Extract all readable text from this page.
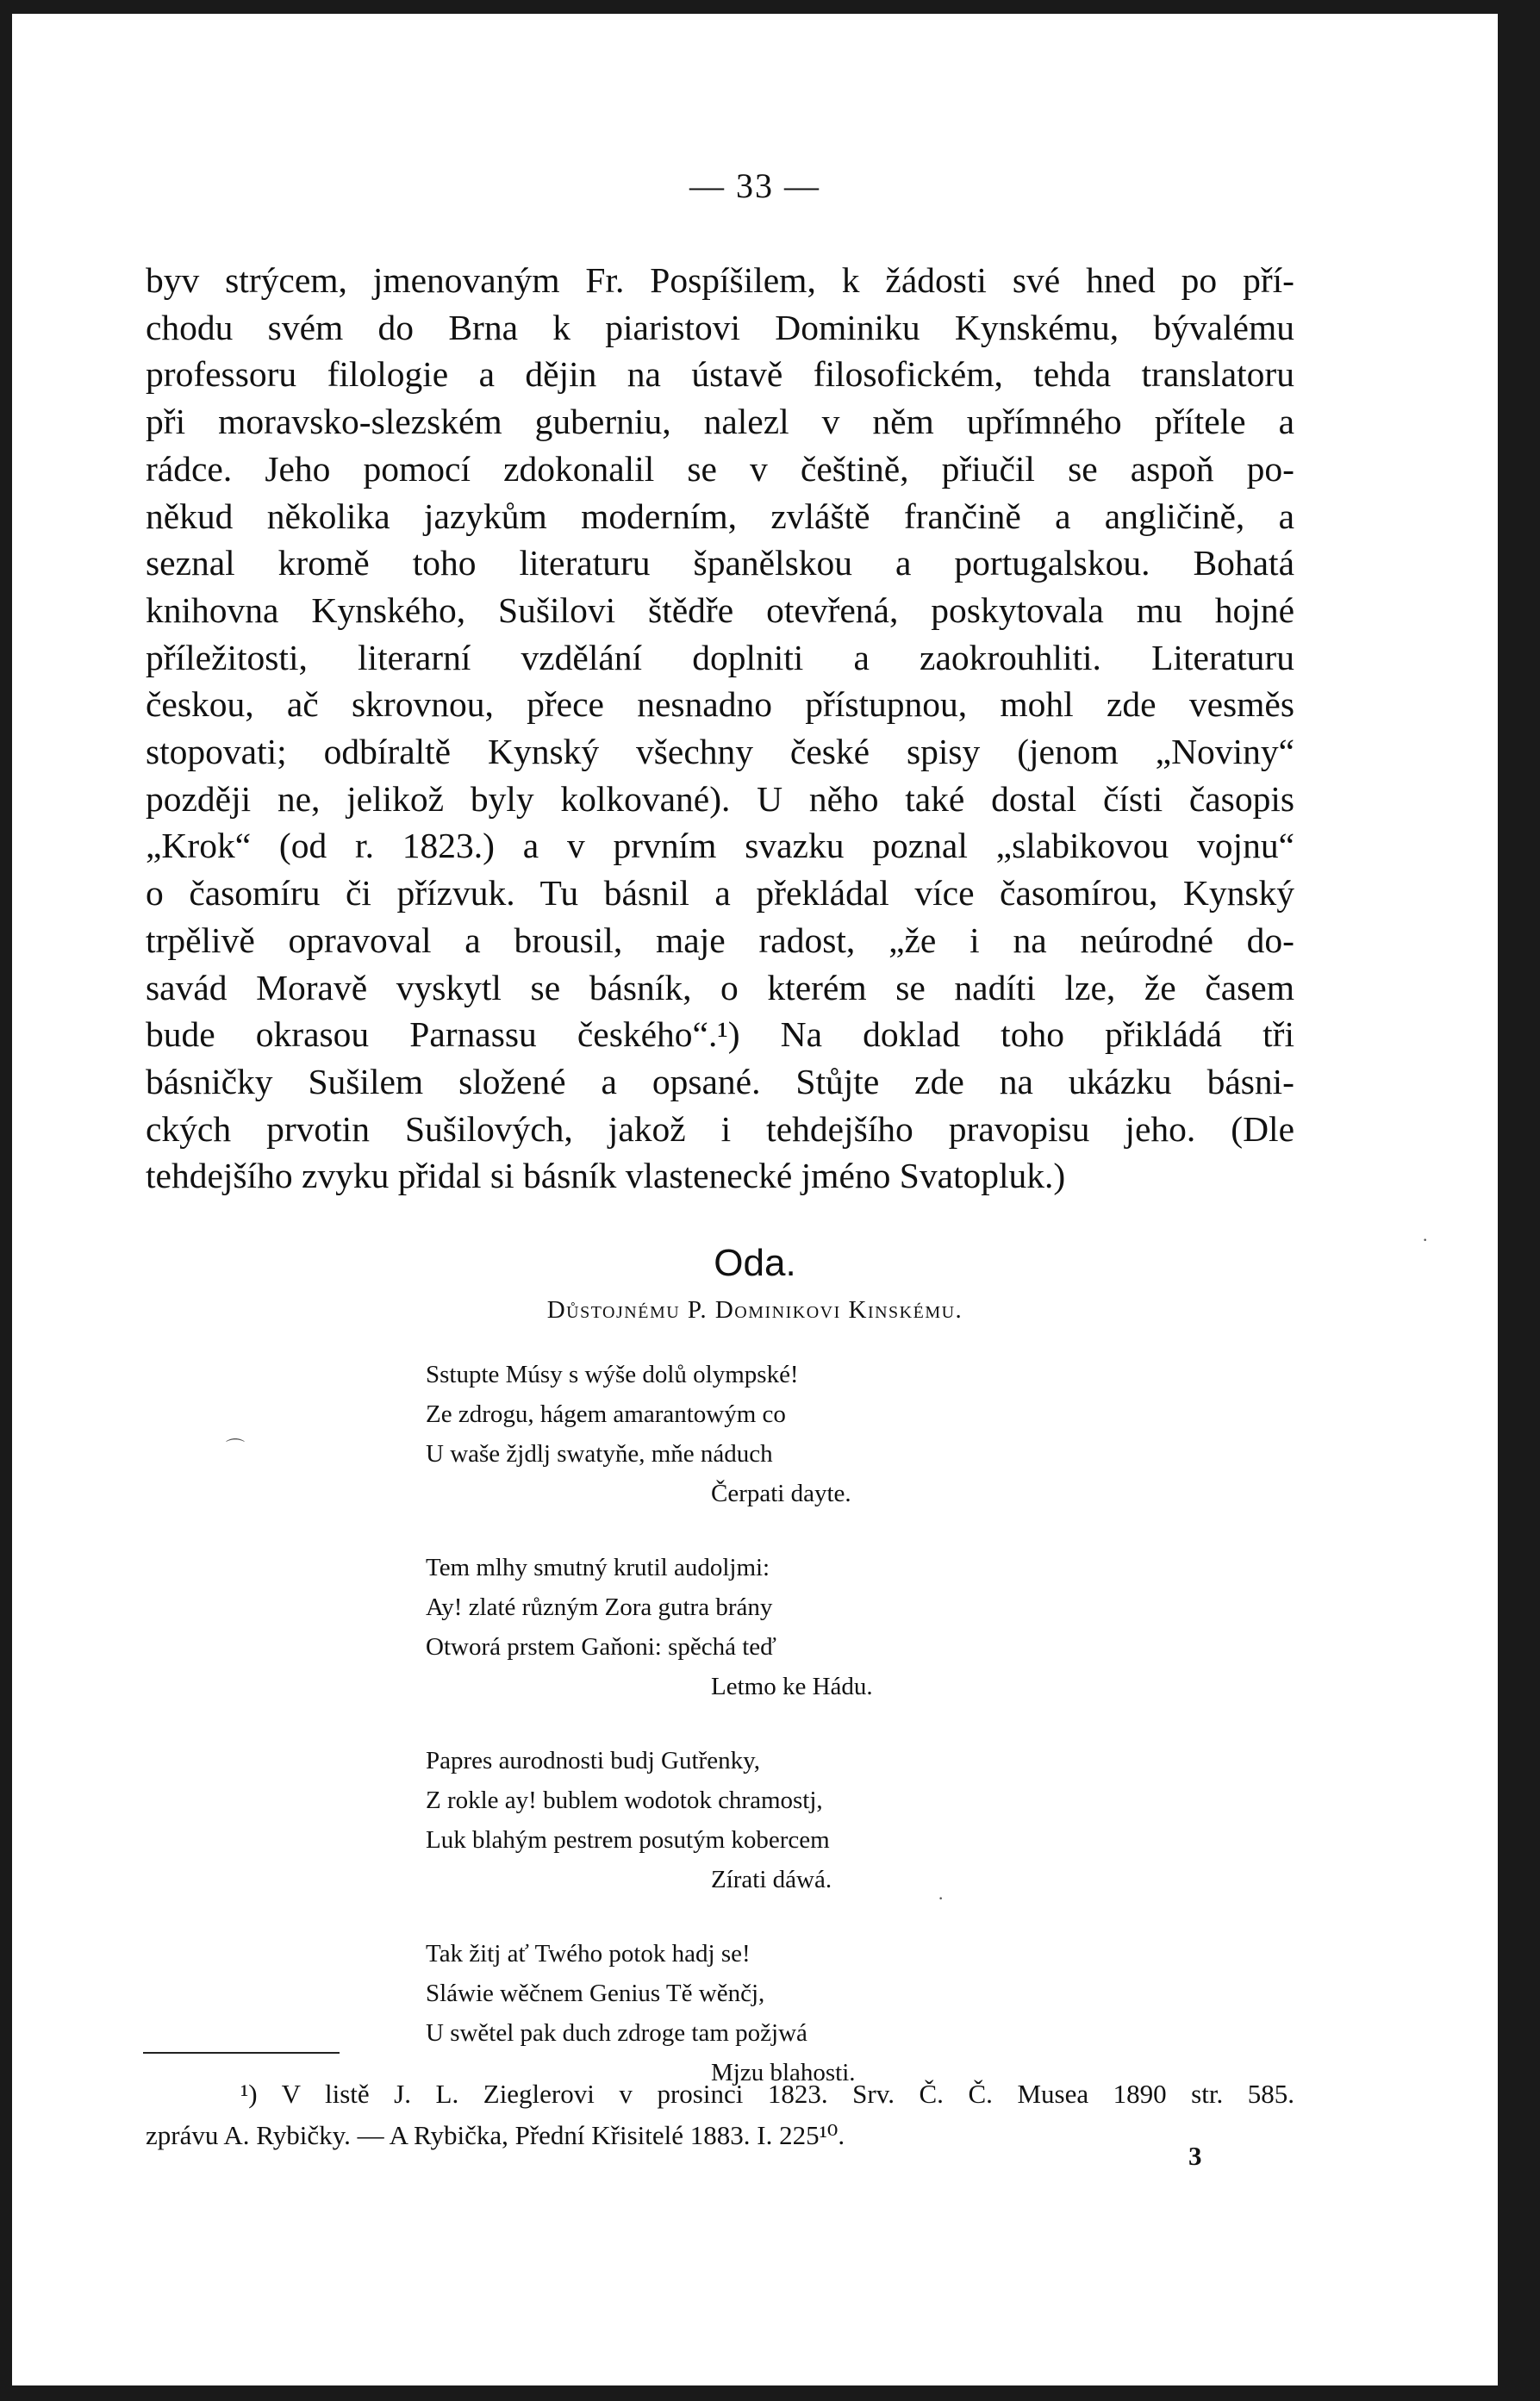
— 33 —
byv strýcem, jmenovaným Fr. Pospíšilem, k žádosti své hned po pří-
chodu svém do Brna k piaristovi Dominiku Kynskému, bývalému
professoru filologie a dějin na ústavě filosofickém, tehda translatoru
při moravsko-slezském guberniu, nalezl v něm upřímného přítele a
rádce. Jeho pomocí zdokonalil se v češtině, přiučil se aspoň po-
někud několika jazykům moderním, zvláště frančině a angličině, a
seznal kromě toho literaturu španělskou a portugalskou. Bohatá
knihovna Kynského, Sušilovi štědře otevřená, poskytovala mu hojné
příležitosti, literarní vzdělání doplniti a zaokrouhliti. Literaturu
českou, ač skrovnou, přece nesnadno přístupnou, mohl zde vesměs
stopovati; odbíraltě Kynský všechny české spisy (jenom „Noviny“
později ne, jelikož byly kolkované). U něho také dostal čísti časopis
„Krok“ (od r. 1823.) a v prvním svazku poznal „slabikovou vojnu“
o časomíru či přízvuk. Tu básnil a překládal více časomírou, Kynský
trpělivě opravoval a brousil, maje radost, „že i na neúrodné do-
savád Moravě vyskytl se básník, o kterém se nadíti lze, že časem
bude okrasou Parnassu českého“.¹) Na doklad toho přikládá tři
básničky Sušilem složené a opsané. Stůjte zde na ukázku básni-
ckých prvotin Sušilových, jakož i tehdejšího pravopisu jeho. (Dle
tehdejšího zvyku přidal si básník vlastenecké jméno Svatopluk.)
Oda.
Důstojnému P. Dominikovi Kinskému.
Sstupte Músy s wýše dolů olympské!
Ze zdrogu, hágem amarantowým co
U waše žjdlj swatyňe, mňe náduch
Čerpati dayte.
Tem mlhy smutný krutil audoljmi:
Ay! zlaté různým Zora gutra brány
Otworá prstem Gaňoni: spěchá teď
Letmo ke Hádu.
Papres aurodnosti budj Gutřenky,
Z rokle ay! bublem wodotok chramostj,
Luk blahým pestrem posutým kobercem
Zírati dáwá.
Tak žitj ať Twého potok hadj se!
Sláwie wěčnem Genius Tě wěnčj,
U swětel pak duch zdroge tam požjwá
Mjzu blahosti.
¹) V listě J. L. Zieglerovi v prosinci 1823. Srv. Č. Č. Musea 1890 str. 585.
zprávu A. Rybičky. — A Rybička, Přední Křisitelé 1883. I. 225¹⁰.
3
⌒
·
·
